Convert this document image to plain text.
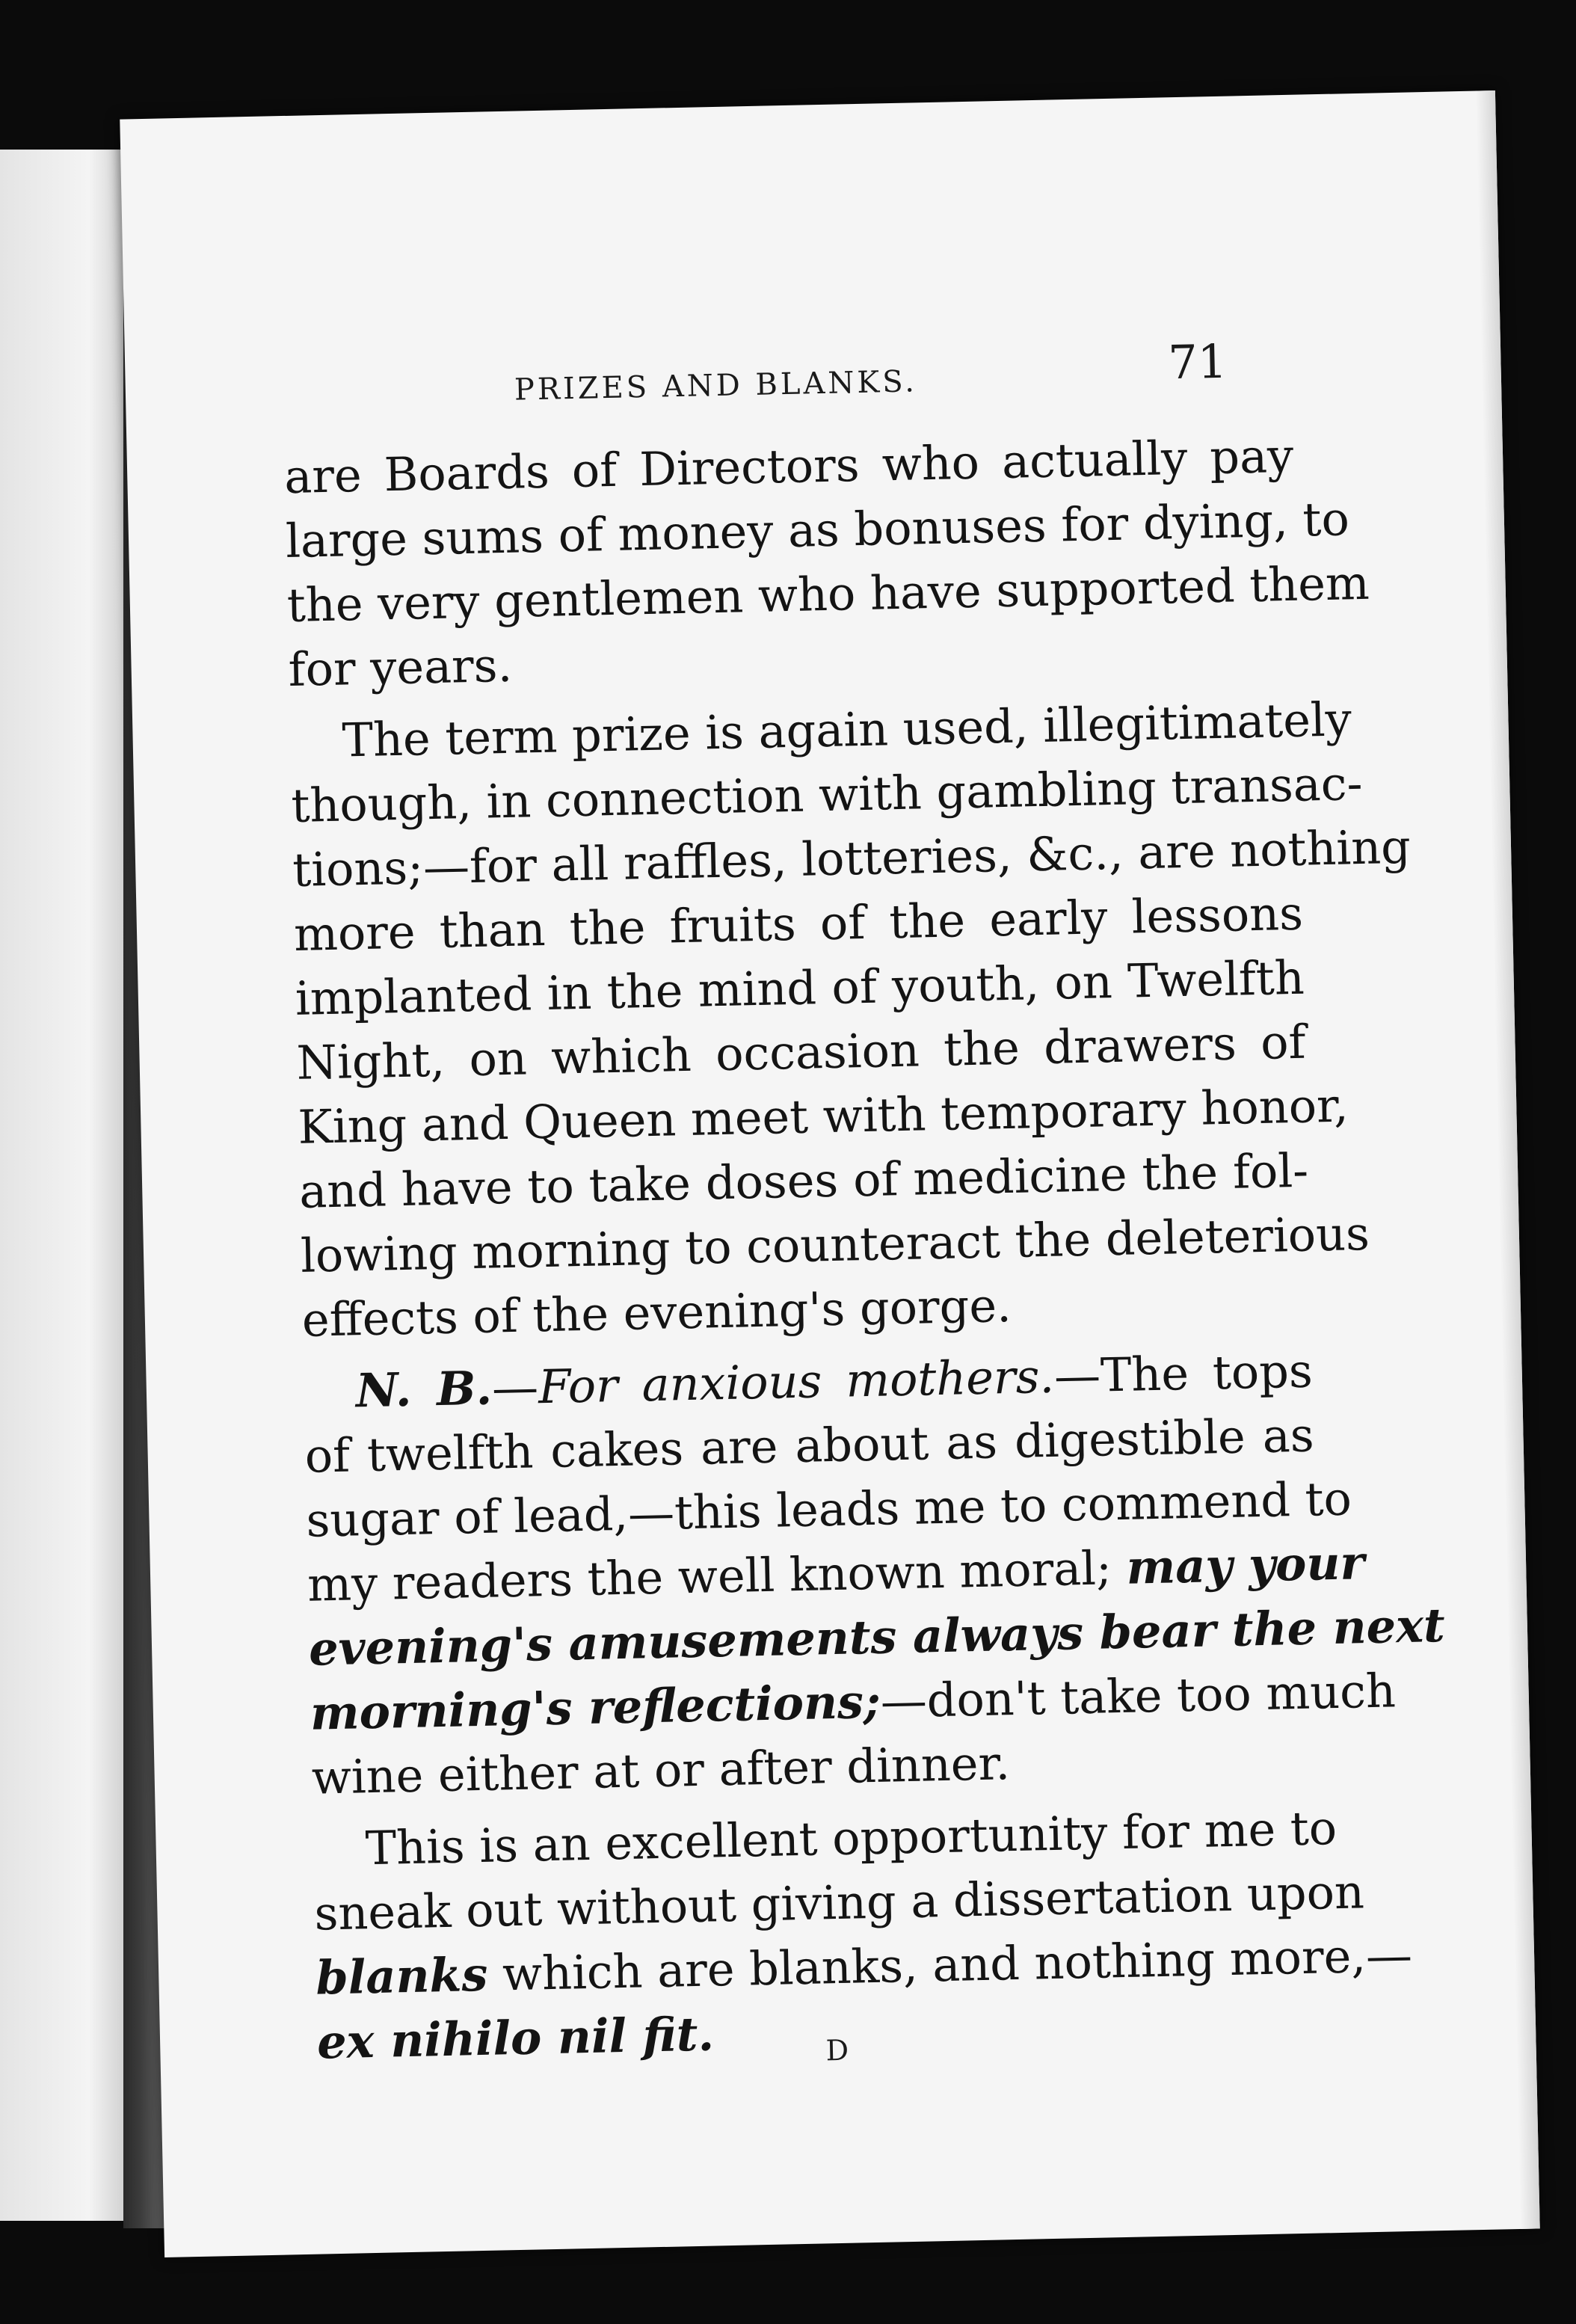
PRIZES AND BLANKS.	71
are Boards of Directors who actually pay
large sums of money as bonuses for dying, to
the very gentlemen who have supported them
for years.
The term prize is again used, illegitimately
though, in connection with gambling transac-
tions;—for all raffles, lotteries, &c., are nothing
more than the fruits of the early lessons
implanted in the mind of youth, on Twelfth
Night, on which occasion the drawers of
King and Queen meet with temporary honor,
and have to take doses of medicine the fol-
lowing morning to counteract the deleterious
effects of the evening's gorge.
N. B.—For anxious mothers.—The tops
of twelfth cakes are about as digestible as
sugar of lead,—this leads me to commend to
my readers the well known moral; may your
evening's amusements always bear the next
morning's reflections;—don't take too much
wine either at or after dinner.
This is an excellent opportunity for me to
sneak out without giving a dissertation upon
blanks which are blanks, and nothing more,—
ex nihilo nil fit.	D
